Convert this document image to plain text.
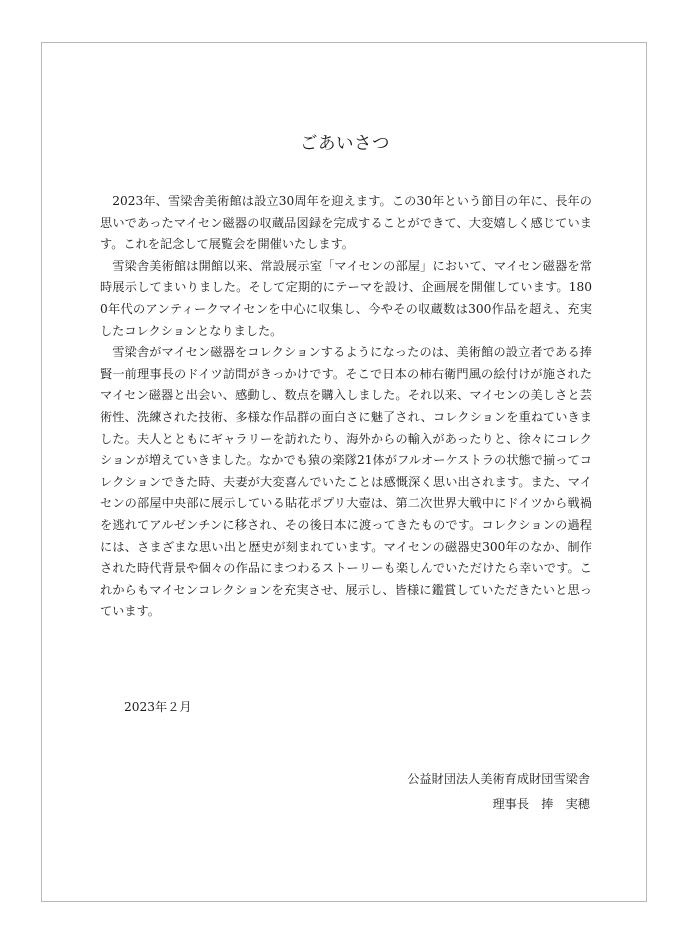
ごあいさつ

2023年、雪梁舎美術館は設立30周年を迎えます。この30年という節目の年に、長年の思いであったマイセン磁器の収蔵品図録を完成することができて、大変嬉しく感じています。これを記念して展覧会を開催いたします。

雪梁舎美術館は開館以来、常設展示室「マイセンの部屋」において、マイセン磁器を常時展示してまいりました。そして定期的にテーマを設け、企画展を開催しています。1800年代のアンティークマイセンを中心に収集し、今やその収蔵数は300作品を超え、充実したコレクションとなりました。

雪梁舎がマイセン磁器をコレクションするようになったのは、美術館の設立者である捧賢一前理事長のドイツ訪問がきっかけです。そこで日本の柿右衛門風の絵付けが施されたマイセン磁器と出会い、感動し、数点を購入しました。それ以来、マイセンの美しさと芸術性、洗練された技術、多様な作品群の面白さに魅了され、コレクションを重ねていきました。夫人とともにギャラリーを訪れたり、海外からの輸入があったりと、徐々にコレクションが増えていきました。なかでも猿の楽隊21体がフルオーケストラの状態で揃ってコレクションできた時、夫妻が大変喜んでいたことは感慨深く思い出されます。また、マイセンの部屋中央部に展示している貼花ポプリ大壺は、第二次世界大戦中にドイツから戦禍を逃れてアルゼンチンに移され、その後日本に渡ってきたものです。コレクションの過程には、さまざまな思い出と歴史が刻まれています。マイセンの磁器史300年のなか、制作された時代背景や個々の作品にまつわるストーリーも楽しんでいただけたら幸いです。これからもマイセンコレクションを充実させ、展示し、皆様に鑑賞していただきたいと思っています。

2023年２月

公益財団法人美術育成財団雪梁舎

理事長　捧　実穂
